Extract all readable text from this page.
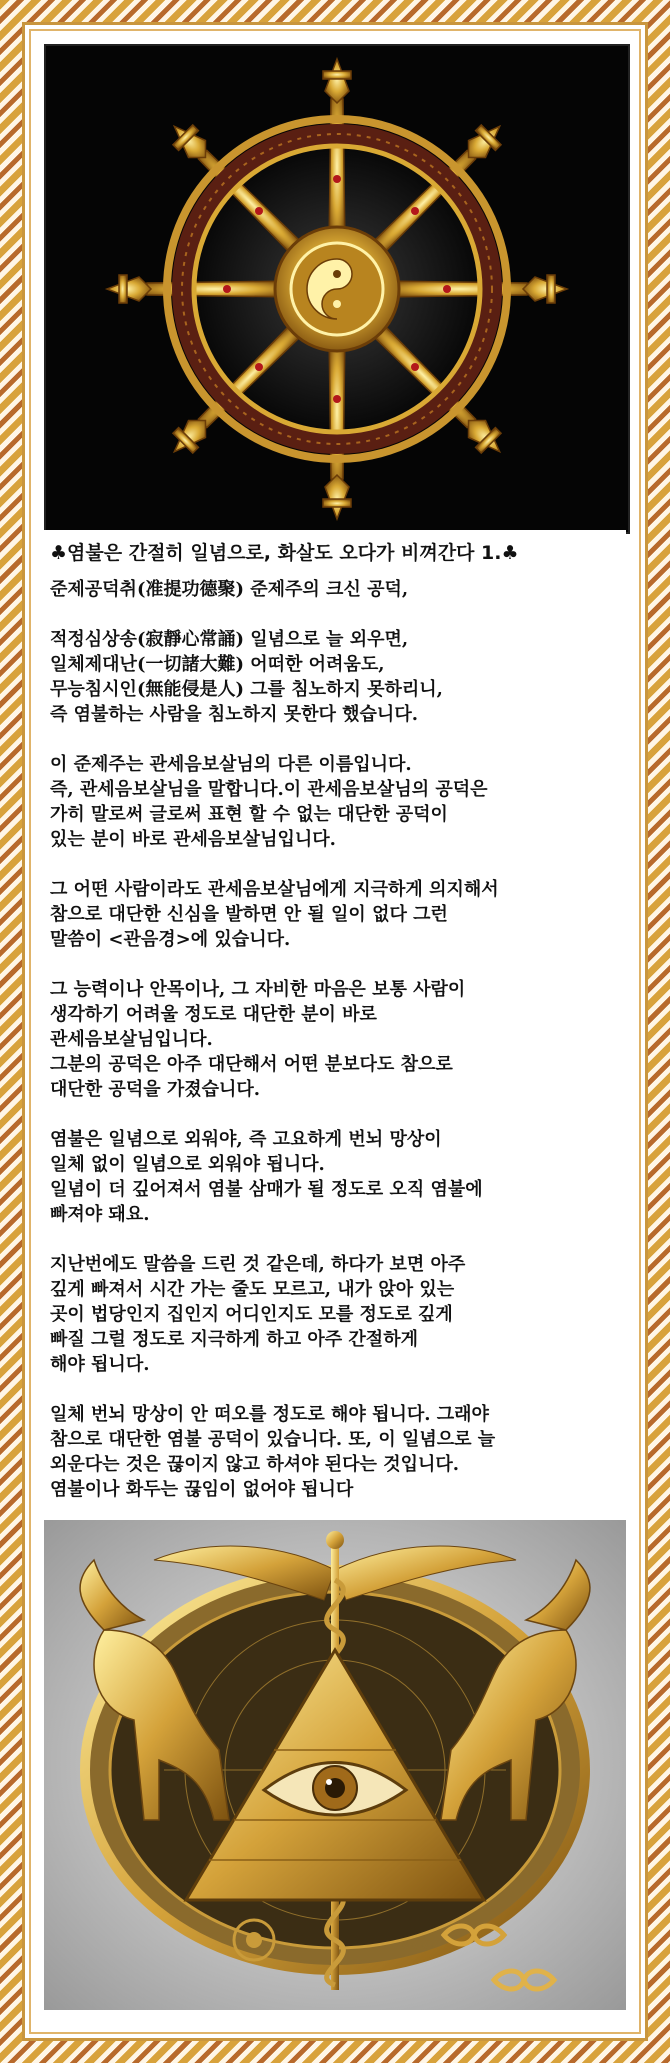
♣염불은 간절히 일념으로, 화살도 오다가 비껴간다 1.♣

준제공덕취(准提功德聚) 준제주의 크신 공덕,

적정심상송(寂靜心常誦) 일념으로 늘 외우면,
일체제대난(一切諸大難) 어떠한 어려움도,
무능침시인(無能侵是人) 그를 침노하지 못하리니,
즉 염불하는 사람을 침노하지 못한다 했습니다.

이 준제주는 관세음보살님의 다른 이름입니다.
즉, 관세음보살님을 말합니다.이 관세음보살님의 공덕은
가히 말로써 글로써 표현 할 수 없는 대단한 공덕이
있는 분이 바로 관세음보살님입니다.

그 어떤 사람이라도 관세음보살님에게 지극하게 의지해서
참으로 대단한 신심을 발하면 안 될 일이 없다 그런
말씀이 <관음경>에 있습니다.

그 능력이나 안목이나, 그 자비한 마음은 보통 사람이
생각하기 어려울 정도로 대단한 분이 바로
관세음보살님입니다.
그분의 공덕은 아주 대단해서 어떤 분보다도 참으로
대단한 공덕을 가졌습니다.

염불은 일념으로 외워야, 즉 고요하게 번뇌 망상이
일체 없이 일념으로 외워야 됩니다.
일념이 더 깊어져서 염불 삼매가 될 정도로 오직 염불에
빠져야 돼요.

지난번에도 말씀을 드린 것 같은데, 하다가 보면 아주
깊게 빠져서 시간 가는 줄도 모르고, 내가 앉아 있는
곳이 법당인지 집인지 어디인지도 모를 정도로 깊게
빠질 그럴 정도로 지극하게 하고 아주 간절하게
해야 됩니다.

일체 번뇌 망상이 안 떠오를 정도로 해야 됩니다. 그래야
참으로 대단한 염불 공덕이 있습니다. 또, 이 일념으로 늘
외운다는 것은 끊이지 않고 하셔야 된다는 것입니다.
염불이나 화두는 끊임이 없어야 됩니다
